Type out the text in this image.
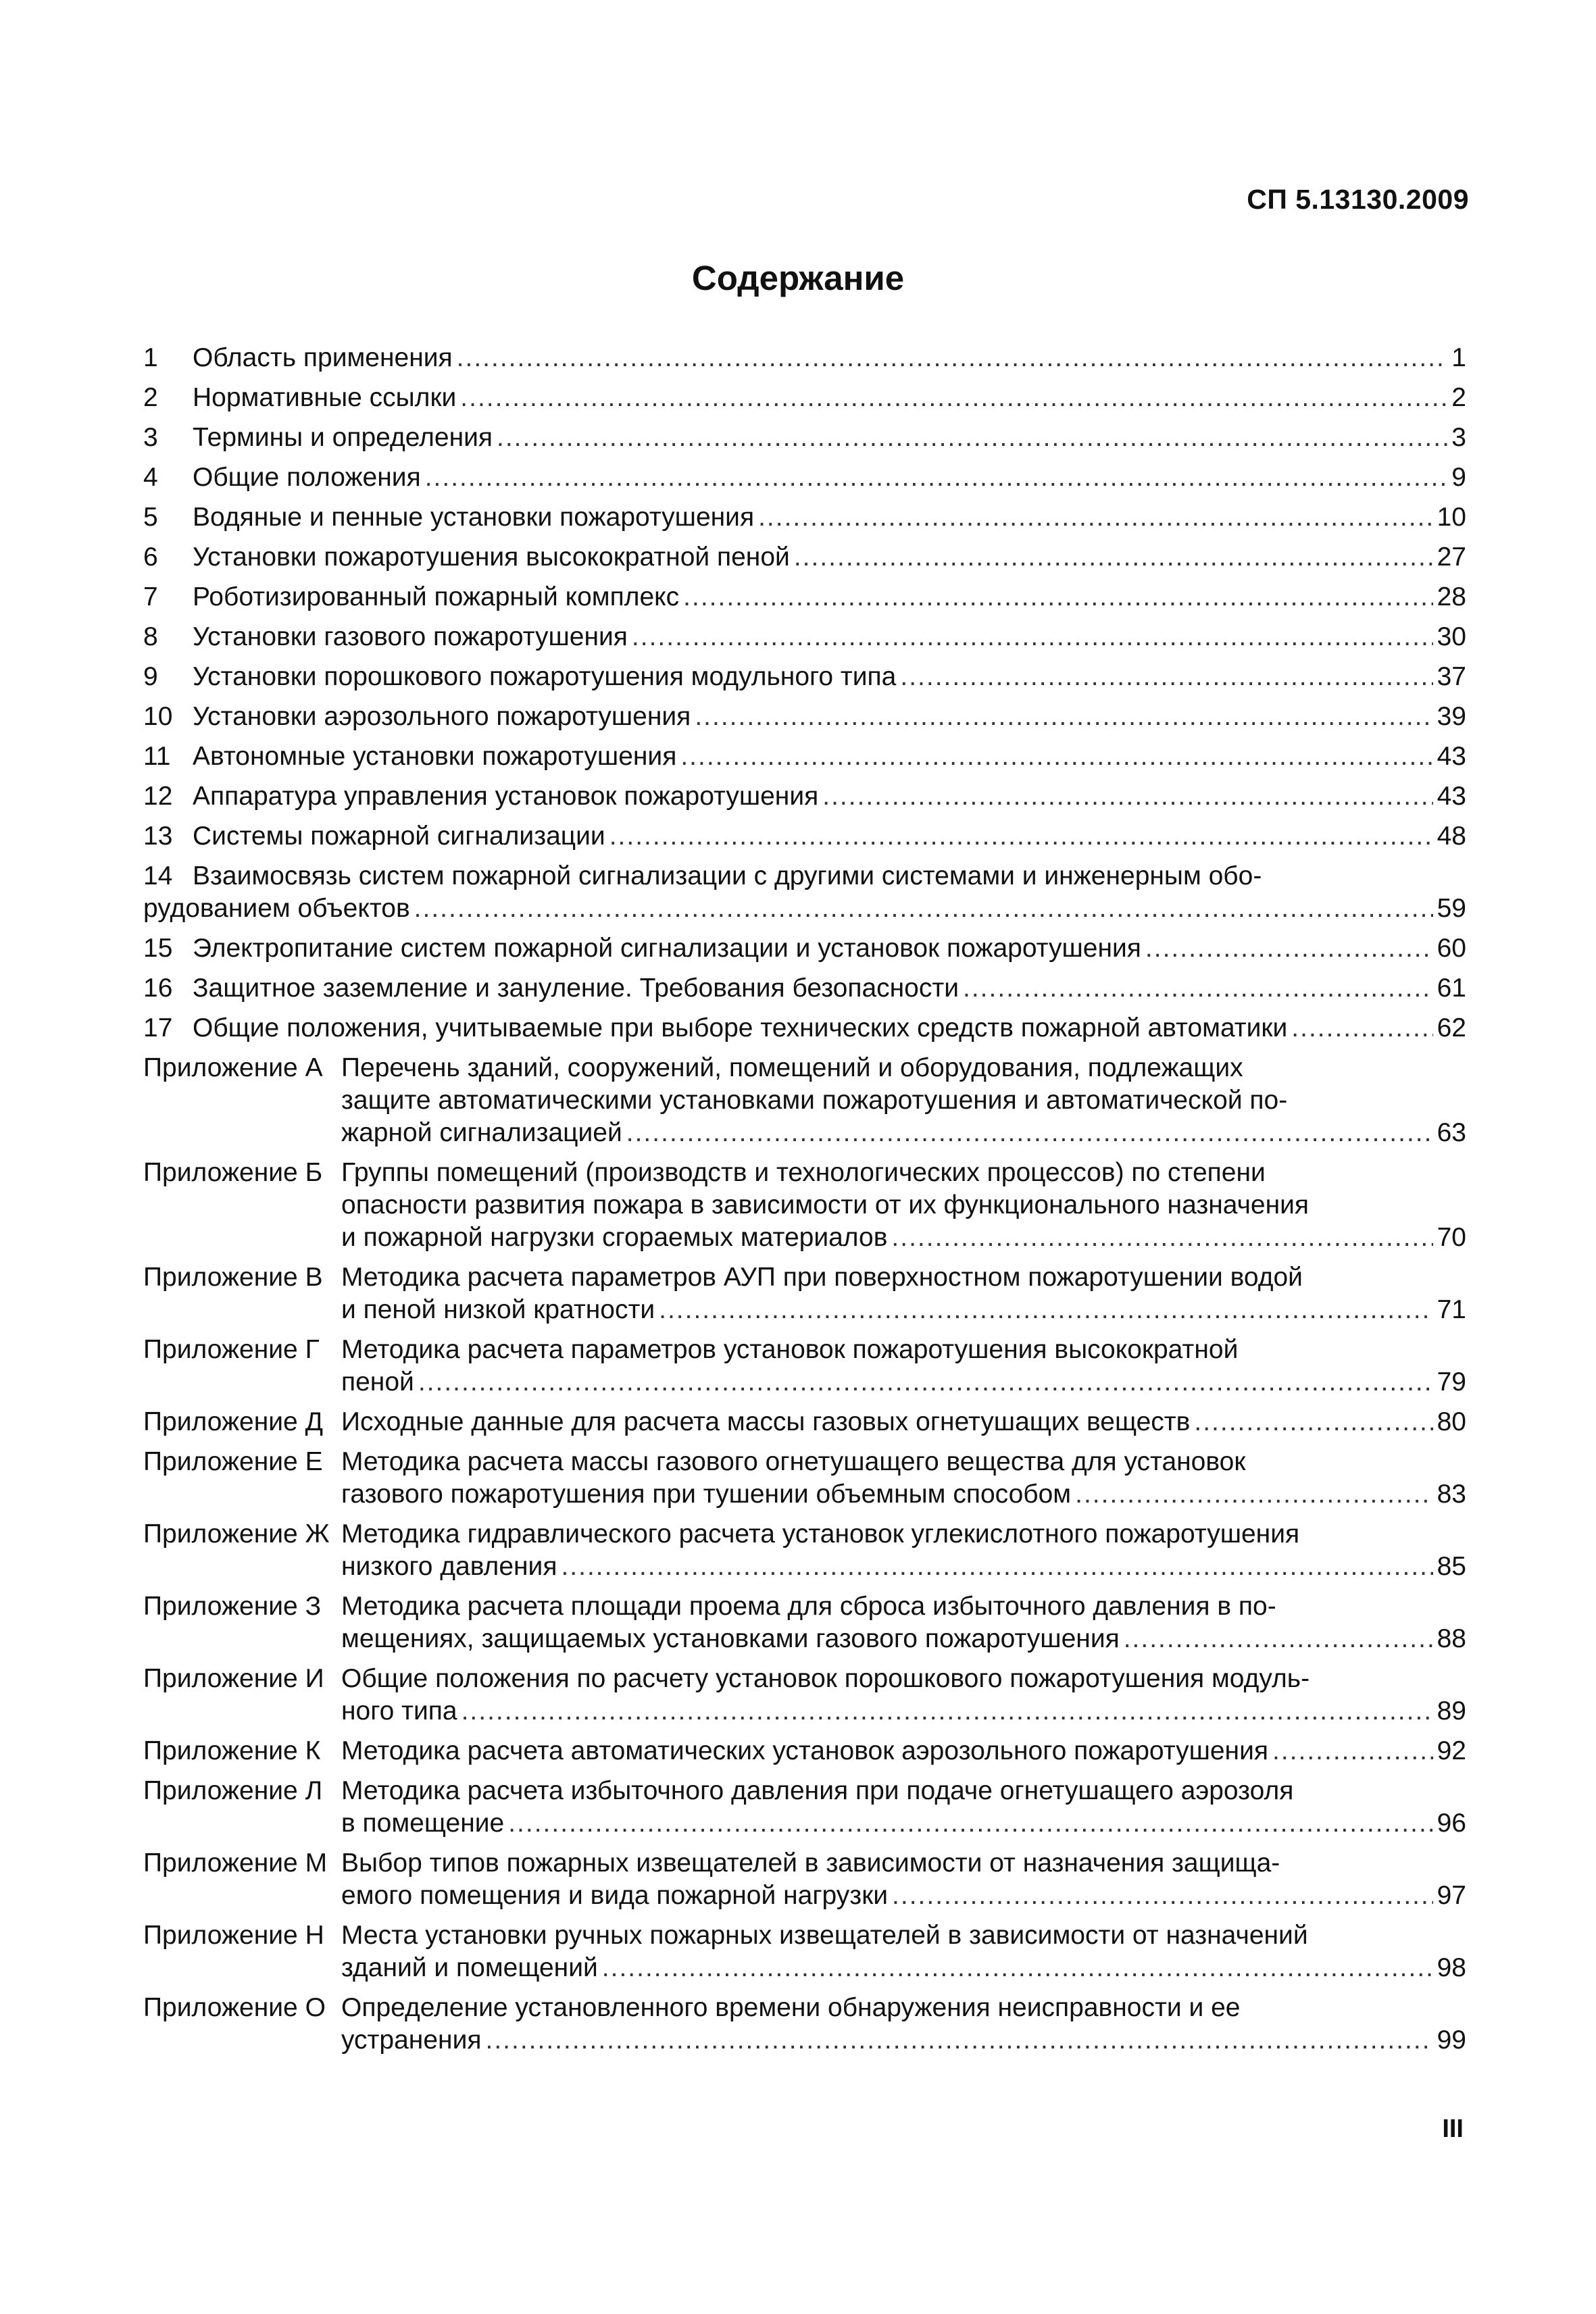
СП 5.13130.2009
Содержание
1	Область применения .....	1
2	Нормативные ссылки .....	2
3	Термины и определения .....	3
4	Общие положения .....	9
5	Водяные и пенные установки пожаротушения .....	10
6	Установки пожаротушения высокократной пеной .....	27
7	Роботизированный пожарный комплекс .....	28
8	Установки газового пожаротушения .....	30
9	Установки порошкового пожаротушения модульного типа .....	37
10 Установки аэрозольного пожаротушения .....	39
11 Автономные установки пожаротушения .....	43
12 Аппаратура управления установок пожаротушения .....	43
13 Системы пожарной сигнализации .....	48
14 Взаимосвязь систем пожарной сигнализации с другими системами и инженерным обо-
рудованием объектов .....	59
15 Электропитание систем пожарной сигнализации и установок пожаротушения .....	60
16 Защитное заземление и зануление. Требования безопасности .....	61
17 Общие положения, учитываемые при выборе технических средств пожарной автоматики .....	62
Приложение А Перечень зданий, сооружений, помещений и оборудования, подлежащих
защите автоматическими установками пожаротушения и автоматической по-
жарной сигнализацией .....	63
Приложение Б Группы помещений (производств и технологических процессов) по степени
опасности развития пожара в зависимости от их функционального назначения
и пожарной нагрузки сгораемых материалов .....	70
Приложение В Методика расчета параметров АУП при поверхностном пожаротушении водой
и пеной низкой кратности .....	71
Приложение Г Методика расчета параметров установок пожаротушения высокократной
пеной .....	79
Приложение Д Исходные данные для расчета массы газовых огнетушащих веществ .....	80
Приложение Е Методика расчета массы газового огнетушащего вещества для установок
газового пожаротушения при тушении объемным способом .....	83
Приложение Ж Методика гидравлического расчета установок углекислотного пожаротушения
низкого давления .....	85
Приложение З Методика расчета площади проема для сброса избыточного давления в по-
мещениях, защищаемых установками газового пожаротушения .....	88
Приложение И Общие положения по расчету установок порошкового пожаротушения модуль-
ного типа .....	89
Приложение К Методика расчета автоматических установок аэрозольного пожаротушения .....	92
Приложение Л Методика расчета избыточного давления при подаче огнетушащего аэрозоля
в помещение .....	96
Приложение М Выбор типов пожарных извещателей в зависимости от назначения защища-
емого помещения и вида пожарной нагрузки .....	97
Приложение Н Места установки ручных пожарных извещателей в зависимости от назначений
зданий и помещений .....	98
Приложение О Определение установленного времени обнаружения неисправности и ее
устранения .....	99
III
